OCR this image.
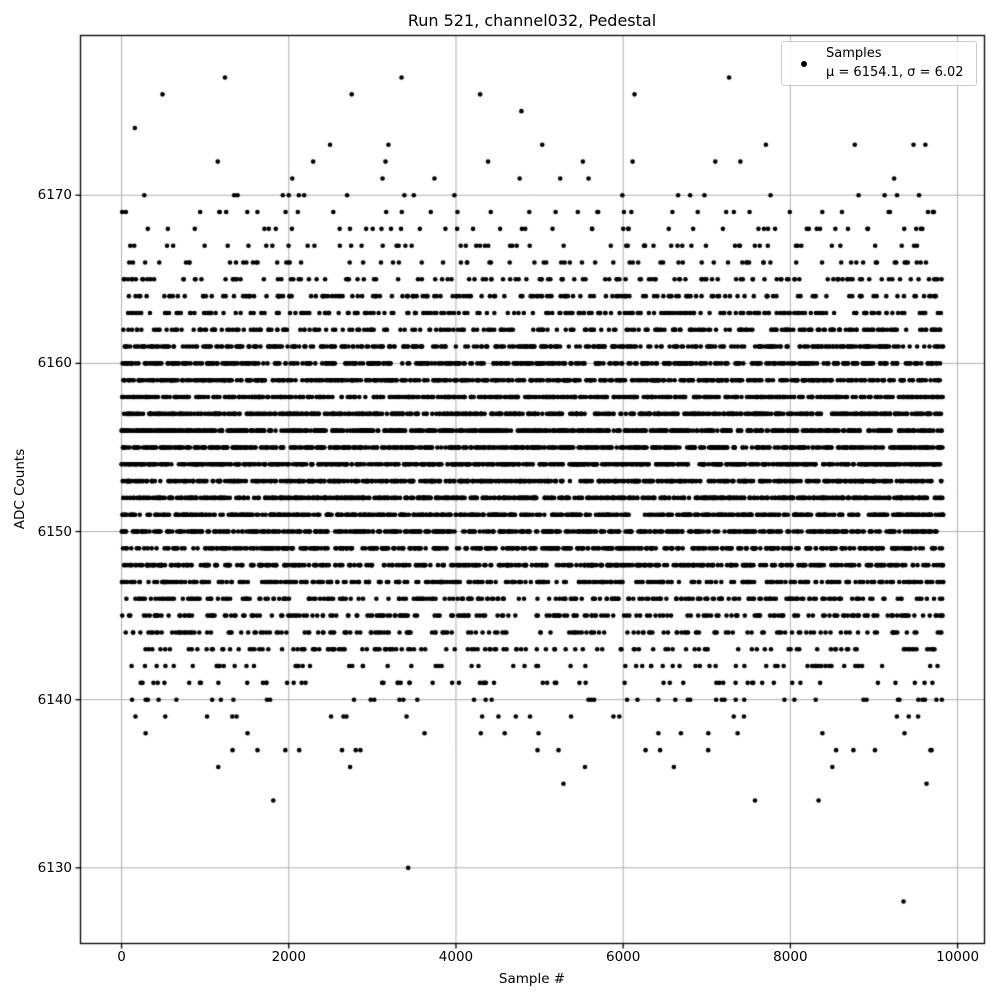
Run 521, channel032, Pedestal
ADC Counts
Sample #
0	2000	4000	6000	8000	10000
6130
6140
6150
6160
6170
Samples
μ = 6154.1, σ = 6.02
